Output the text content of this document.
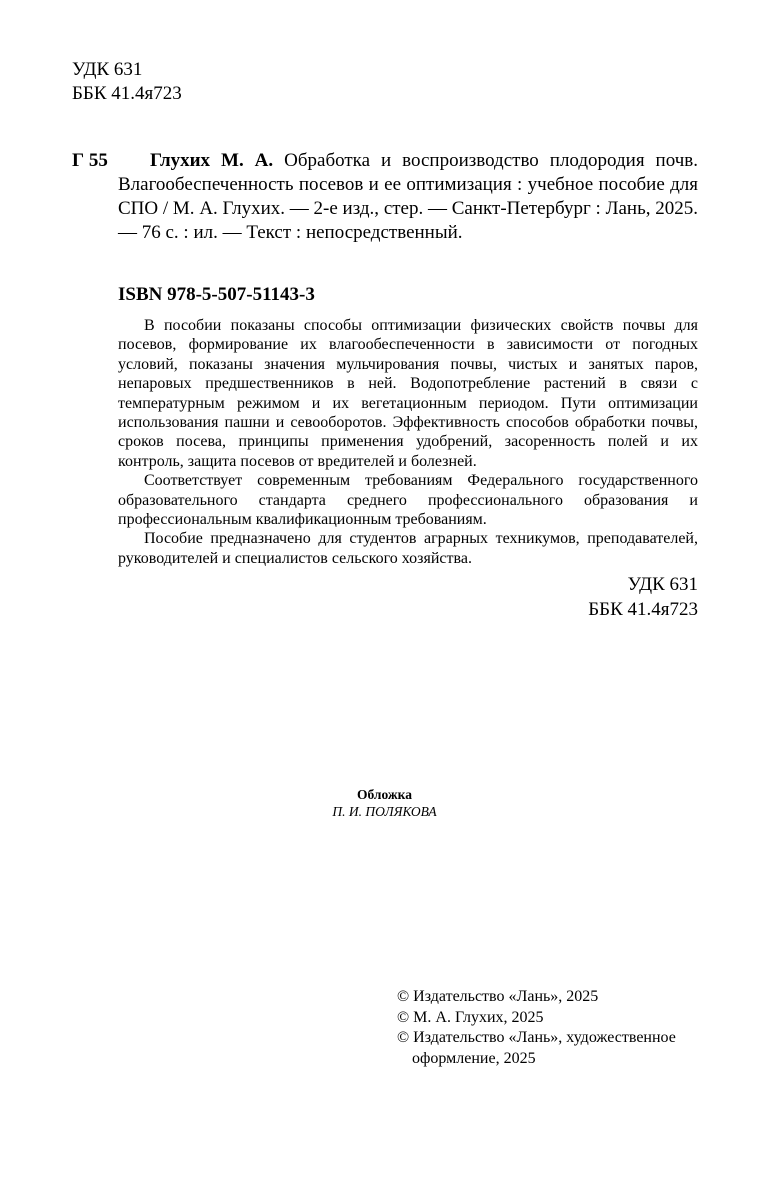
УДК 631
ББК 41.4я723
Г 55	Глухих М. А. Обработка и воспроизводство плодородия почв. Влагообеспеченность посевов и ее оптимизация : учебное пособие для СПО / М. А. Глухих. — 2-е изд., стер. — Санкт-Петербург : Лань, 2025. — 76 с. : ил. — Текст : непосредственный.
ISBN 978-5-507-51143-3

В пособии показаны способы оптимизации физических свойств почвы для посевов, формирование их влагообеспеченности в зависимости от погодных условий, показаны значения мульчирования почвы, чистых и занятых паров, непаровых предшественников в ней. Водопотребление растений в связи с температурным режимом и их вегетационным периодом. Пути оптимизации использования пашни и севооборотов. Эффективность способов обработки почвы, сроков посева, принципы применения удобрений, засоренность полей и их контроль, защита посевов от вредителей и болезней.

Соответствует современным требованиям Федерального государственного образовательного стандарта среднего профессионального образования и профессиональным квалификационным требованиям.

Пособие предназначено для студентов аграрных техникумов, преподавателей, руководителей и специалистов сельского хозяйства.

УДК 631
ББК 41.4я723
Обложка
П. И. ПОЛЯКОВА
© Издательство «Лань», 2025
© М. А. Глухих, 2025
© Издательство «Лань», художественное
оформление, 2025
